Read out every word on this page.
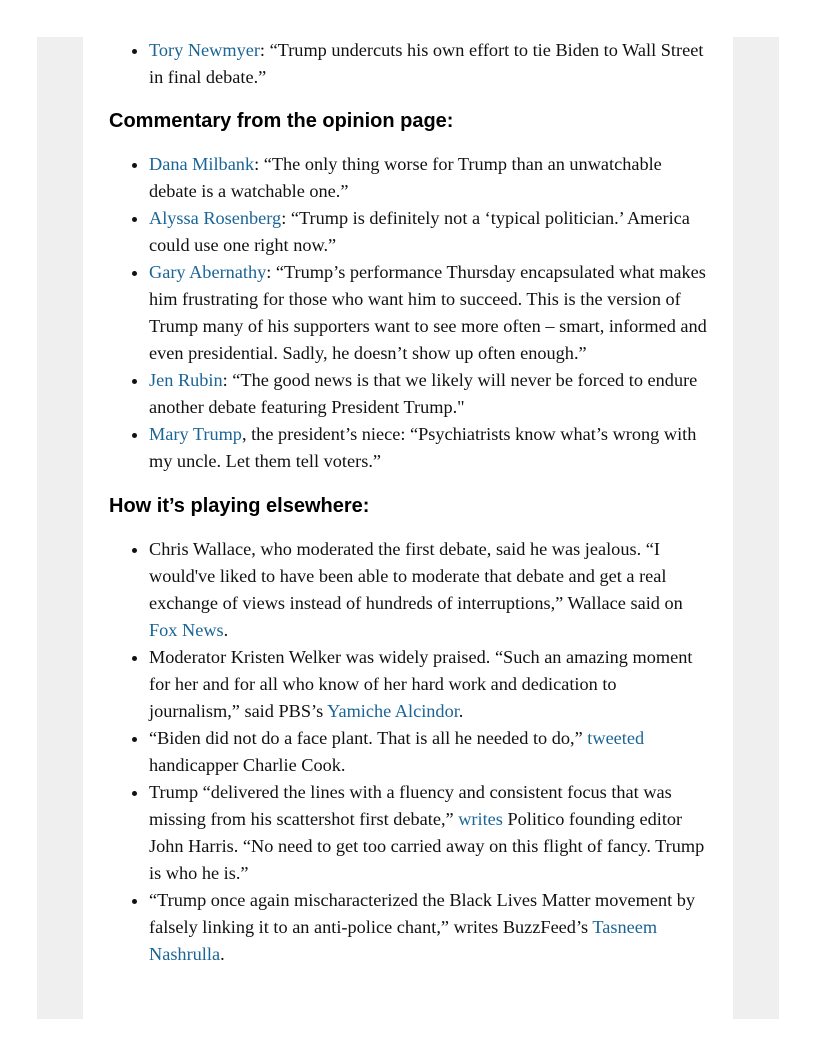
• Tory Newmyer: “Trump undercuts his own effort to tie Biden to Wall Street in final debate.”
Commentary from the opinion page:
• Dana Milbank: “The only thing worse for Trump than an unwatchable debate is a watchable one.”
• Alyssa Rosenberg: “Trump is definitely not a ‘typical politician.’ America could use one right now.”
• Gary Abernathy: “Trump’s performance Thursday encapsulated what makes him frustrating for those who want him to succeed. This is the version of Trump many of his supporters want to see more often – smart, informed and even presidential. Sadly, he doesn’t show up often enough.”
• Jen Rubin: “The good news is that we likely will never be forced to endure another debate featuring President Trump."
• Mary Trump, the president’s niece: “Psychiatrists know what’s wrong with my uncle. Let them tell voters.”
How it’s playing elsewhere:
• Chris Wallace, who moderated the first debate, said he was jealous. “I would've liked to have been able to moderate that debate and get a real exchange of views instead of hundreds of interruptions,” Wallace said on Fox News.
• Moderator Kristen Welker was widely praised. “Such an amazing moment for her and for all who know of her hard work and dedication to journalism,” said PBS’s Yamiche Alcindor.
• “Biden did not do a face plant. That is all he needed to do,” tweeted handicapper Charlie Cook.
• Trump “delivered the lines with a fluency and consistent focus that was missing from his scattershot first debate,” writes Politico founding editor John Harris. “No need to get too carried away on this flight of fancy. Trump is who he is.”
• “Trump once again mischaracterized the Black Lives Matter movement by falsely linking it to an anti-police chant,” writes BuzzFeed’s Tasneem Nashrulla.
